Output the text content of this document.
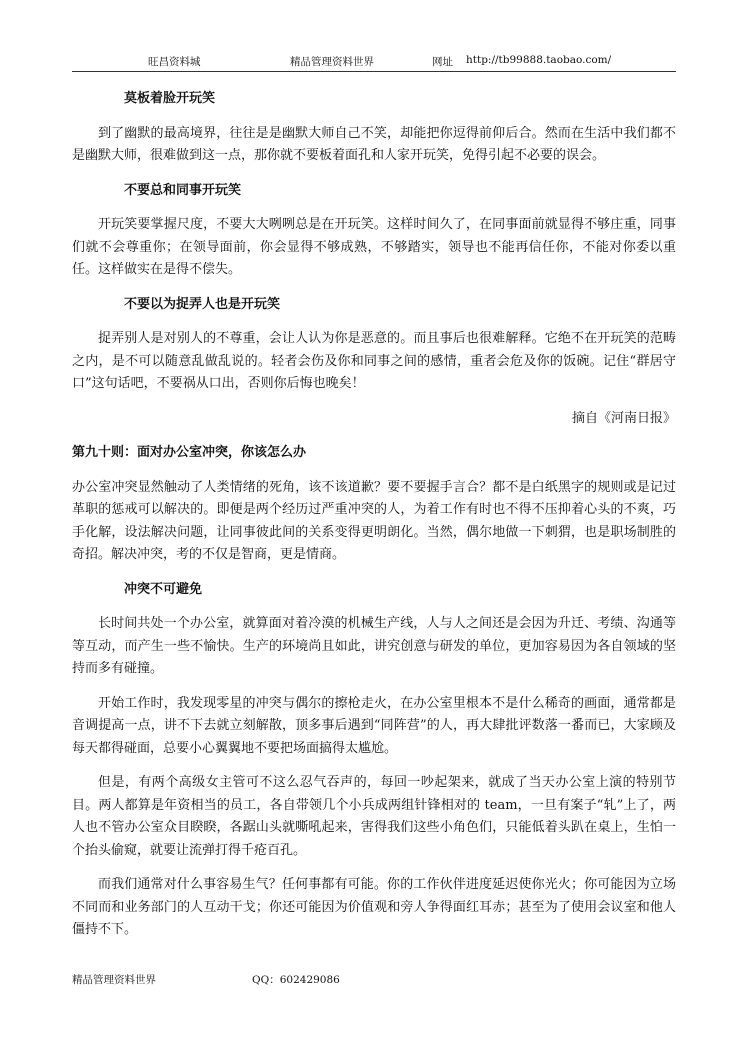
旺昌资料城	精品管理资料世界	网址 http://tb99888.taobao.com/

莫板着脸开玩笑

到了幽默的最高境界，往往是是幽默大师自己不笑，却能把你逗得前仰后合。然而在生活中我们都不是幽默大师，很难做到这一点，那你就不要板着面孔和人家开玩笑，免得引起不必要的误会。

不要总和同事开玩笑

开玩笑要掌握尺度，不要大大咧咧总是在开玩笑。这样时间久了，在同事面前就显得不够庄重，同事们就不会尊重你；在领导面前，你会显得不够成熟，不够踏实，领导也不能再信任你，不能对你委以重任。这样做实在是得不偿失。

不要以为捉弄人也是开玩笑

捉弄别人是对别人的不尊重，会让人认为你是恶意的。而且事后也很难解释。它绝不在开玩笑的范畴之内，是不可以随意乱做乱说的。轻者会伤及你和同事之间的感情，重者会危及你的饭碗。记住“群居守口”这句话吧，不要祸从口出，否则你后悔也晚矣！

摘自《河南日报》

第九十则：面对办公室冲突，你该怎么办

办公室冲突显然触动了人类情绪的死角，该不该道歉？要不要握手言合？都不是白纸黑字的规则或是记过革职的惩戒可以解决的。即便是两个经历过严重冲突的人，为着工作有时也不得不压抑着心头的不爽，巧手化解，设法解决问题，让同事彼此间的关系变得更明朗化。当然，偶尔地做一下刺猬，也是职场制胜的奇招。解决冲突，考的不仅是智商，更是情商。

冲突不可避免

长时间共处一个办公室，就算面对着冷漠的机械生产线，人与人之间还是会因为升迁、考绩、沟通等等互动，而产生一些不愉快。生产的环境尚且如此，讲究创意与研发的单位，更加容易因为各自领域的坚持而多有碰撞。

开始工作时，我发现零星的冲突与偶尔的擦枪走火，在办公室里根本不是什么稀奇的画面，通常都是音调提高一点，讲不下去就立刻解散，顶多事后遇到“同阵营”的人，再大肆批评数落一番而已，大家顾及每天都得碰面，总要小心翼翼地不要把场面搞得太尴尬。

但是，有两个高级女主管可不这么忍气吞声的，每回一吵起架来，就成了当天办公室上演的特别节目。两人都算是年资相当的员工，各自带领几个小兵成两组针锋相对的 team，一旦有案子“轧”上了，两人也不管办公室众目睽睽，各踞山头就嘶吼起来，害得我们这些小角色们，只能低着头趴在桌上，生怕一个抬头偷窥，就要让流弹打得千疮百孔。

而我们通常对什么事容易生气？任何事都有可能。你的工作伙伴进度延迟使你光火；你可能因为立场不同而和业务部门的人互动干戈；你还可能因为价值观和旁人争得面红耳赤；甚至为了使用会议室和他人僵持不下。

精品管理资料世界	QQ：602429086
